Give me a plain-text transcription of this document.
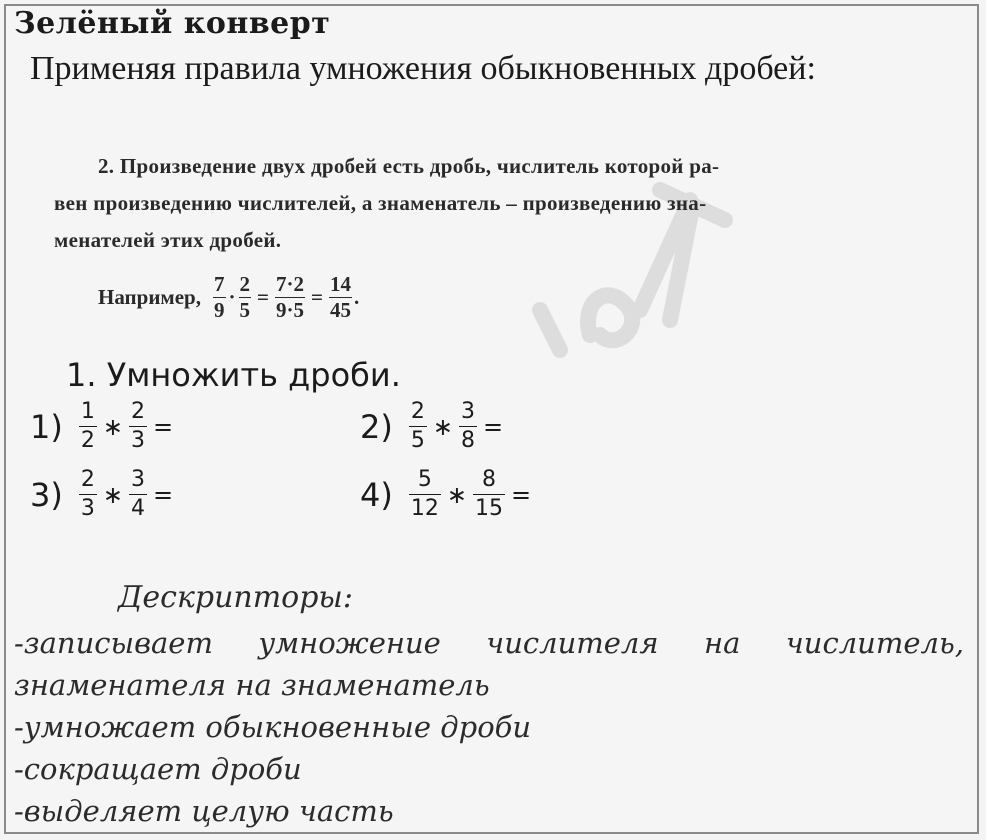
Зелёный конверт
Применяя правила умножения обыкновенных дробей:
2. Произведение двух дробей есть дробь, числитель которой ра-
вен произведению числителей, а знаменатель – произведению зна-
менателей этих дробей.
Например, $\frac{7}{9} \cdot \frac{2}{5} = \frac{7\cdot 2}{9\cdot 5} = \frac{14}{45}$ .
1. Умножить дроби.
$1) \frac{1}{2}$ ∗ $\frac{2}{3}$ =	$2) \frac{2}{5}$ ∗ $\frac{3}{8}$ =
$3) \frac{2}{3}$ ∗ $\frac{3}{4}$ =	$4) \frac{5}{12}$ ∗ $\frac{8}{15}$ =
Дескрипторы:
-записывает умножение числителя на числитель,
знаменателя на знаменатель
-умножает обыкновенные дроби
-сокращает дроби
-выделяет целую часть
